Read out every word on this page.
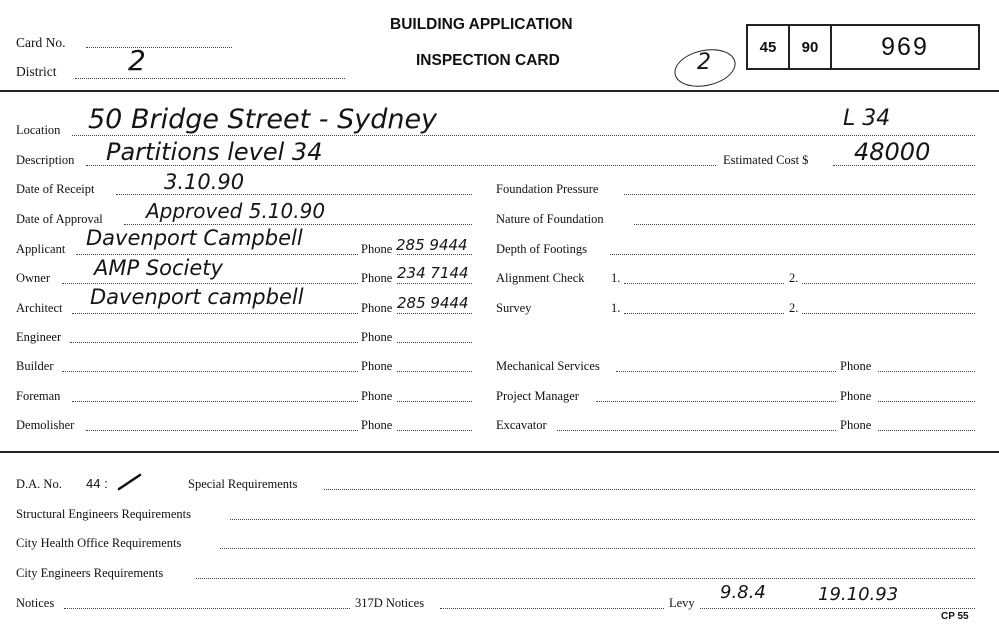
Card No.
District	2
BUILDING APPLICATION
INSPECTION CARD	2
45	90	969
Location 50 Bridge Street - Sydney	L 34
Description Partitions level 34	Estimated Cost $ 48000
Date of Receipt	3.10.90	Foundation Pressure
Date of Approval Approved 5.10.90	Nature of Foundation
Applicant Davenport Campbell	Phone 285 9444 Depth of Footings
Owner AMP Society	Phone 234 7144 Alignment Check 1.	2.
Architect Davenport campbell	Phone 285 9444 Survey	1.	2.
Engineer	Phone
Builder	Phone	Mechanical Services	Phone
Foreman	Phone	Project Manager	Phone
Demolisher	Phone	Excavator	Phone
D.A. No. 44 :	Special Requirements
Structural Engineers Requirements
City Health Office Requirements
City Engineers Requirements
Notices	317D Notices	Levy 9.8.4	19.10.93
CP 55
